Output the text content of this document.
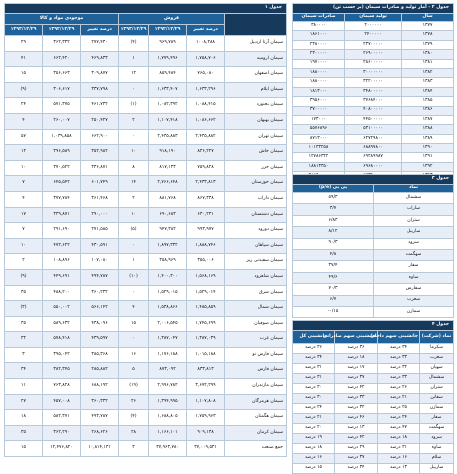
جدول ۱						
	فروش			موجودی مواد و کالا		
	درصد تغییر	۱۳۹۲/۱۲/۲۹	۱۳۹۳/۱۲/۲۹	درصد تغییر	۱۳۹۲/۱۲/۲۹	۱۳۹۳/۱۲/۲۹
سیمان آرتا اردبیل	۱۰۰۸,۲۸۸	۹۶۹,۷۸۹	(۴)	۲۷۷,۴۳۰	۳۶۲,۳۳۲	۲۹
سیمان ارومیه	۱,۷۵۸,۷۰۶	۱,۷۷۹,۴۹۶	۱	۴۶۹,۸۳۳	۶۶۲,۴۲۰	۴۱
سیمان اصفهان	۷۶۵,۰۸۰	۸۵۹,۴۸۴	۱۲	۳۰۹,۸۷۷	۳۵۶,۶۶۳	۱۵
سیمان ایلام	۱,۶۳۳,۲۹۶	۱,۶۳۳,۴۰۷	۰	۳۳۷,۷۹۸	۳۰۶,۶۱۷	(۹)
سیمان بجنورد	۱,۰۸۸,۴۱۵	۱,۰۸۲,۳۹۲	(۱)	۴۶۱,۷۳۲	۵۷۱,۳۷۵	۲۴
سیمان بهبهان	۱,۰۸۶,۶۶۲	۱,۱۰۷,۴۱۸	۲	۲۵۰,۴۲۷	۲۶۰,۰۰۷	۴
سیمان تهران	۲,۴۳۵,۸۸۲	۲,۴۳۵,۸۸۳	۰	۶۶۲,۹۰۰	۱,۰۳۹,۸۵۸	۵۷
سیمان خاش	۸۳۶,۲۲۷	۹۱۸,۱۹۰	۱۰	۳۵۲,۹۸۲	۳۹۶,۵۸۹	۱۲
سیمان خزر	۷۵۹,۸۲۸	۸۱۷,۱۳۳	۸	۳۳۶,۸۷۱	۳۷۰,۵۲۲	۱۰
سیمان خوزستان	۲,۴۳۳,۸۱۳	۲,۷۶۶,۶۴۸	۱۴	۶۰۱,۷۴۹	۶۴۵,۵۴۲	۷
سیمان داراب	۸۶۷,۳۳۸	۸۸۱,۷۶۸	۲	۳۶۱,۴۶۸	۳۷۷,۷۸۴	۴
سیمان دشتستان	۶۳۰,۲۳۱	۶۹۰,۶۸۳	۱۰	۲۹۰,۰۰۰	۳۳۹,۸۷۱	۱۷
سیمان دورود	۹۹۳,۹۷۷	۹۴۷,۳۸۲	(۵)	۲۷۱,۵۸۵	۲۹۱,۶۹۰	۷
سیمان سپاهان	۱,۸۸۸,۷۴۶	۱,۸۹۷,۳۳۲	۰	۴۳۰,۵۹۱	۴۷۲,۶۲۲	۱۰
سیمان سفیدنی ریز	۳۵۵,۰۰۶	۳۵۸,۹۶۹	۱	۱۰۷,۰۸۰	۱۰۸,۸۹۶	۲
سیمان شاهرود	۱,۵۶۸,۱۶۹	۱,۴۰۰,۳۰۰	(۱۰)	۴۹۴,۷۸۷	۴۴۹,۶۹۱	(۹)
سیمان شرق	۱,۵۲۹,۰۱۴	۱,۵۲۹,۰۱۵	۰	۳۶۰,۲۳۲	۴۸۸,۲۰۰	۳۵
سیمان شمال	۱,۴۸۵,۸۵۹	۱,۵۳۸,۸۶۶	۴	۵۶۶,۱۴۲	۵۵۰,۰۰۲	(۳)
سیمان صوفیان	۱,۷۴۵,۶۹۹	۲,۰۰۶,۵۴۵	۱۵	۴۳۸,۰۹۶	۵۸۹,۶۳۲	۳۵
سیمان غرب	۱,۳۸۷,۰۳۹	۱,۳۸۷,۰۴۷	۰	۴۳۹,۵۹۷	۵۷۸,۴۱۸	۳۲
سیمان فارس نو	۱,۰۱۵,۱۸۸	۱,۱۷۶,۱۸۸	۱۶	۳۸۵,۳۶۸	۳۹۵,۰۴۲	۳
سیمان فارس	۸۳۳,۸۱۳	۸۷۳,۰۹۲	۵	۲۸۵,۸۸۲	۳۸۲,۳۴۵	۳۴
سیمان مازندران	۳,۶۷۲,۲۹۹	۲,۹۹۶,۷۸۲	(۱۹)	۶۸۸,۱۹۲	۷۶۳,۸۲۸	۱۱
سیمان هرمزگان	۱,۱۰۷,۸۰۸	۱,۳۹۴,۹۹۵	۲۶	۳۶۰,۳۳۲	۴۵۷,۰۰۸	۲۷
سیمان هگمتان	۱,۷۵۹,۹۶۳	۱,۶۸۸,۸۰۵	(۴)	۴۹۳,۷۸۷	۵۸۲,۳۷۱	۱۸
سیمان کرمان	۹۰۹,۱۳۸	۱,۱۶۶,۱۰۱	۲۸	۲۶۸,۶۲۶	۳۶۲,۲۹۰	۳۵
جمع صنعت	۳۷,۰۰۹,۵۳۱	۳۷,۹۶۳,۷۸۰	۳	۱۰,۸۱۴,۱۳۱	۱۲,۴۷۶,۸۲۰	۱۵
جدول ۲ - آمار تولید و صادرات سیمان (بر حسب تن)		
سال	تولید سیمان	صادرات سیمان
۱۳۷۷	۲۰۰۰۰۰۰	۳۸۰۰۰۰
۱۳۷۸	۲۴۰۰۰۰۰	۱۸۶۱۰۰۰
۱۳۷۹	۲۳۷۰۰۰۰۰	۲۳۸۰۰۰۰
۱۳۸۰	۲۶۹۰۰۰۰۰	۲۳۰۰۰۰۰
۱۳۸۱	۲۸۶۰۰۰۰۰	۱۹۷۰۰۰۰
۱۳۸۲	۳۰۰۰۰۰۰۰	۱۸۸۰۰۰۰
۱۳۸۳	۳۲۲۰۰۰۰۰	۱۸۸۰۰۰۰
۱۳۸۴	۳۴۸۰۰۰۰۰	۱۸۱۳۰۰۰
۱۳۸۵	۳۷۶۸۴۰۰۰	۳۹۵۶۰۰۰
۱۳۸۶	۴۰۸۰۰۰۰۰	۳۷۰۰۰۰۰
۱۳۸۷	۴۴۵۰۰۰۰۰	۱۷۳۰۰۰
۱۳۸۸	۵۳۱۰۰۰۰۰	۵۵۷۶۸۹۶
۱۳۸۹	۶۲۷۲۹۸۰۰	۸۷۱۳۰۰۰
۱۳۹۰	۶۸۸۹۷۸۰۰	۱۰۱۳۳۲۵۸
۱۳۹۱	۶۹۲۸۹۹۸۷	۱۲۷۸۶۳۲۲
۱۳۹۲	۶۹۶۸۰۰۰۰	۱۸۸۱۳۳۵۰

جدول ۳	
نماد	پی بی (p/e)
سشمال	۵۹/۳
ساراب	۳/۷
ستران	۶/۸۳
ساربیل	۸/۱۲
سرود	۹۰/۳
سهگمت	۴/۸
سفار	۳۷/۴
ساوه	۴۹/۶
سفارس	۷۰/۳
سغرب	۶/۷
سمازن	۰/۱۵-
جدول ۴			
نماد (شرکت)	جانشینی سهم داخلی	جانشینی سهم صادراتی	جانشینی کل
سکرما	۳۴ درصد	۳۶ درصد	۳۶ درصد
سغرب	۳۳ درصد	۱۸ درصد	۳۴ درصد
سهپان	۳۲ درصد	۱۷ درصد	۳۱ درصد
سشمال	۳۳ درصد	۳۷ درصد	۳۱ درصد
ستران	۲۶ درصد	۴۲ درصد	۳۰ درصد
سفانن	۲۱ درصد	۳۳ درصد	۳۰ درصد
سمازن	۲۵ درصد	۳۲ درصد	۲۴ درصد
سفار	۲۴ درصد	۴۶ درصد	۲۱ درصد
سهگمت	۴۷ درصد	۱۳ درصد	۲۰ درصد
سرود	۱۸ درصد	۴۲ درصد	۱۹ درصد
ساوه	۳۱ درصد	۲۹ درصد	۱۸ درصد
سلام	۱۶ درصد	۳۷ درصد	۱۶ درصد
ساربیل	۱۳ درصد	۳۴ درصد	۱۵ درصد
